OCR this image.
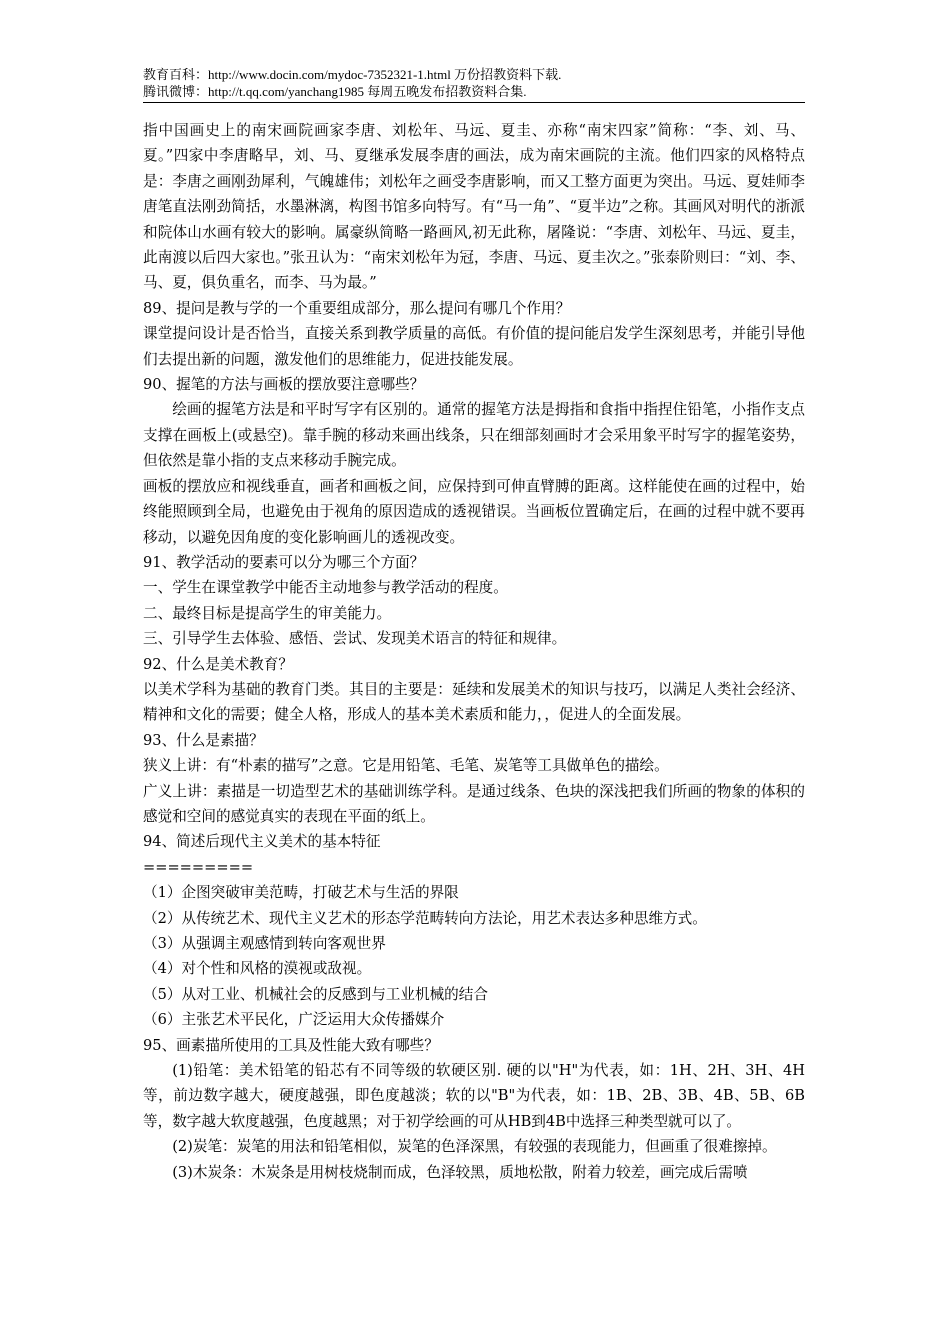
教育百科：http://www.docin.com/mydoc-7352321-1.html 万份招教资料下载.
腾讯微博：http://t.qq.com/yanchang1985 每周五晚发布招教资料合集.

指中国画史上的南宋画院画家李唐、刘松年、马远、夏圭、亦称“南宋四家”简称：“李、刘、马、夏。”四家中李唐略早，刘、马、夏继承发展李唐的画法，成为南宋画院的主流。他们四家的风格特点是：李唐之画刚劲犀利，气魄雄伟；刘松年之画受李唐影响，而又工整方面更为突出。马远、夏娃师李唐笔直法刚劲简括，水墨淋漓，构图书馆多向特写。有“马一角”、“夏半边”之称。其画风对明代的浙派和院体山水画有较大的影响。属豪纵简略一路画风,初无此称，屠隆说：“李唐、刘松年、马远、夏圭，此南渡以后四大家也。”张丑认为：“南宋刘松年为冠，李唐、马远、夏圭次之。”张泰阶则曰：“刘、李、马、夏，俱负重名，而李、马为最。”

89、提问是教与学的一个重要组成部分，那么提问有哪几个作用？

课堂提问设计是否恰当，直接关系到教学质量的高低。有价值的提问能启发学生深刻思考，并能引导他们去提出新的问题，激发他们的思维能力，促进技能发展。

90、握笔的方法与画板的摆放要注意哪些？

绘画的握笔方法是和平时写字有区别的。通常的握笔方法是拇指和食指中指捏住铅笔，小指作支点支撑在画板上(或悬空)。靠手腕的移动来画出线条，只在细部刻画时才会采用象平时写字的握笔姿势，但依然是靠小指的支点来移动手腕完成。

画板的摆放应和视线垂直，画者和画板之间，应保持到可伸直臂膊的距离。这样能使在画的过程中，始终能照顾到全局，也避免由于视角的原因造成的透视错误。当画板位置确定后，在画的过程中就不要再移动，以避免因角度的变化影响画儿的透视改变。

91、教学活动的要素可以分为哪三个方面？

一、学生在课堂教学中能否主动地参与教学活动的程度。

二、最终目标是提高学生的审美能力。

三、引导学生去体验、感悟、尝试、发现美术语言的特征和规律。

92、什么是美术教育？

以美术学科为基础的教育门类。其目的主要是：延续和发展美术的知识与技巧，以满足人类社会经济、精神和文化的需要；健全人格，形成人的基本美术素质和能力，，促进人的全面发展。

93、什么是素描？

狭义上讲：有“朴素的描写”之意。它是用铅笔、毛笔、炭笔等工具做单色的描绘。

广义上讲：素描是一切造型艺术的基础训练学科。是通过线条、色块的深浅把我们所画的物象的体积的感觉和空间的感觉真实的表现在平面的纸上。

94、简述后现代主义美术的基本特征

=========

（1）企图突破审美范畴，打破艺术与生活的界限

（2）从传统艺术、现代主义艺术的形态学范畴转向方法论，用艺术表达多种思维方式。

（3）从强调主观感情到转向客观世界

（4）对个性和风格的漠视或敌视。

（5）从对工业、机械社会的反感到与工业机械的结合

（6）主张艺术平民化，广泛运用大众传播媒介

95、画素描所使用的工具及性能大致有哪些？

(1)铅笔：美术铅笔的铅芯有不同等级的软硬区别. 硬的以"H"为代表，如：1H、2H、3H、4H等，前边数字越大，硬度越强，即色度越淡；软的以"B"为代表，如：1B、2B、3B、4B、5B、6B等，数字越大软度越强，色度越黑；对于初学绘画的可从HB到4B中选择三种类型就可以了。

(2)炭笔：炭笔的用法和铅笔相似，炭笔的色泽深黑，有较强的表现能力，但画重了很难擦掉。

(3)木炭条：木炭条是用树枝烧制而成，色泽较黑，质地松散，附着力较差，画完成后需喷
